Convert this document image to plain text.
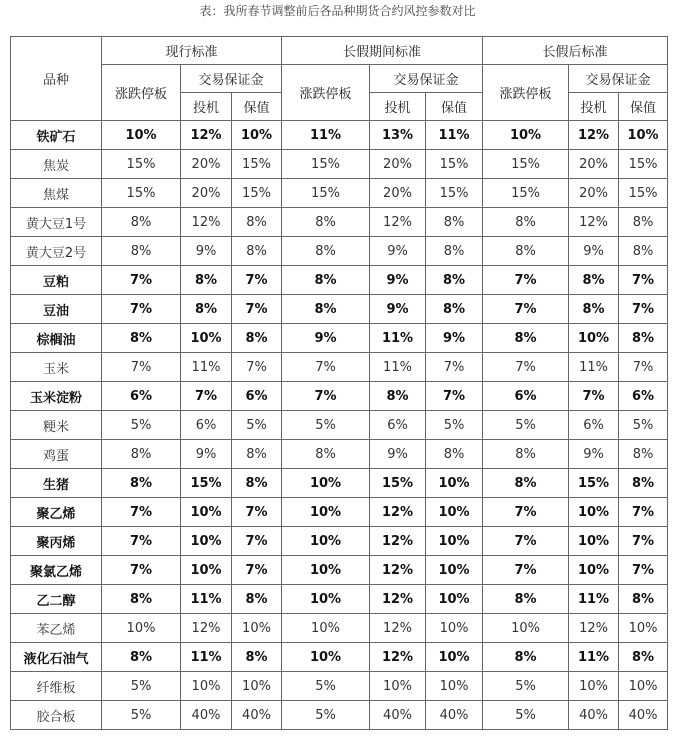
表：我所春节调整前后各品种期货合约风控参数对比
品种	现行标准			长假期间标准			长假后标准		
	涨跌停板	交易保证金		涨跌停板	交易保证金		涨跌停板	交易保证金	
		投机	保值		投机	保值		投机	保值
铁矿石	10%	12%	10%	11%	13%	11%	10%	12%	10%
焦炭	15%	20%	15%	15%	20%	15%	15%	20%	15%
焦煤	15%	20%	15%	15%	20%	15%	15%	20%	15%
黄大豆1号	8%	12%	8%	8%	12%	8%	8%	12%	8%
黄大豆2号	8%	9%	8%	8%	9%	8%	8%	9%	8%
豆粕	7%	8%	7%	8%	9%	8%	7%	8%	7%
豆油	7%	8%	7%	8%	9%	8%	7%	8%	7%
棕榈油	8%	10%	8%	9%	11%	9%	8%	10%	8%
玉米	7%	11%	7%	7%	11%	7%	7%	11%	7%
玉米淀粉	6%	7%	6%	7%	8%	7%	6%	7%	6%
粳米	5%	6%	5%	5%	6%	5%	5%	6%	5%
鸡蛋	8%	9%	8%	8%	9%	8%	8%	9%	8%
生猪	8%	15%	8%	10%	15%	10%	8%	15%	8%
聚乙烯	7%	10%	7%	10%	12%	10%	7%	10%	7%
聚丙烯	7%	10%	7%	10%	12%	10%	7%	10%	7%
聚氯乙烯	7%	10%	7%	10%	12%	10%	7%	10%	7%
乙二醇	8%	11%	8%	10%	12%	10%	8%	11%	8%
苯乙烯	10%	12%	10%	10%	12%	10%	10%	12%	10%
液化石油气	8%	11%	8%	10%	12%	10%	8%	11%	8%
纤维板	5%	10%	10%	5%	10%	10%	5%	10%	10%
胶合板	5%	40%	40%	5%	40%	40%	5%	40%	40%
